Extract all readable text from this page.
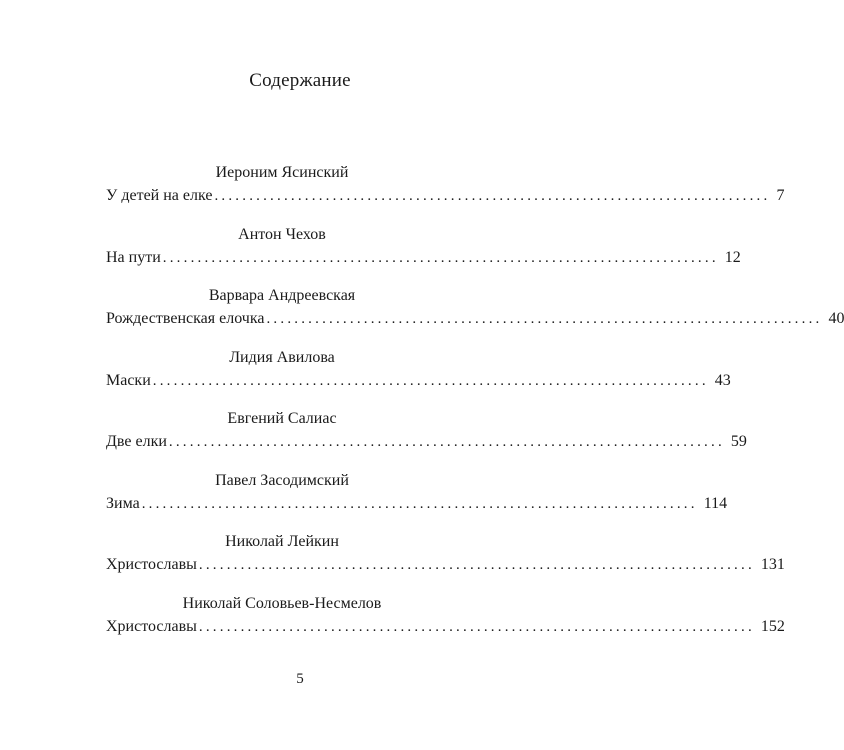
Содержание
Иероним Ясинский
У детей на елке ................................................................................ 7
Антон Чехов
На пути ................................................................................ 12
Варвара Андреевская
Рождественская елочка ................................................................................ 40
Лидия Авилова
Маски ................................................................................ 43
Евгений Салиас
Две елки ................................................................................ 59
Павел Засодимский
Зима ................................................................................ 114
Николай Лейкин
Христославы ................................................................................ 131
Николай Соловьев-Несмелов
Христославы ................................................................................ 152
5
